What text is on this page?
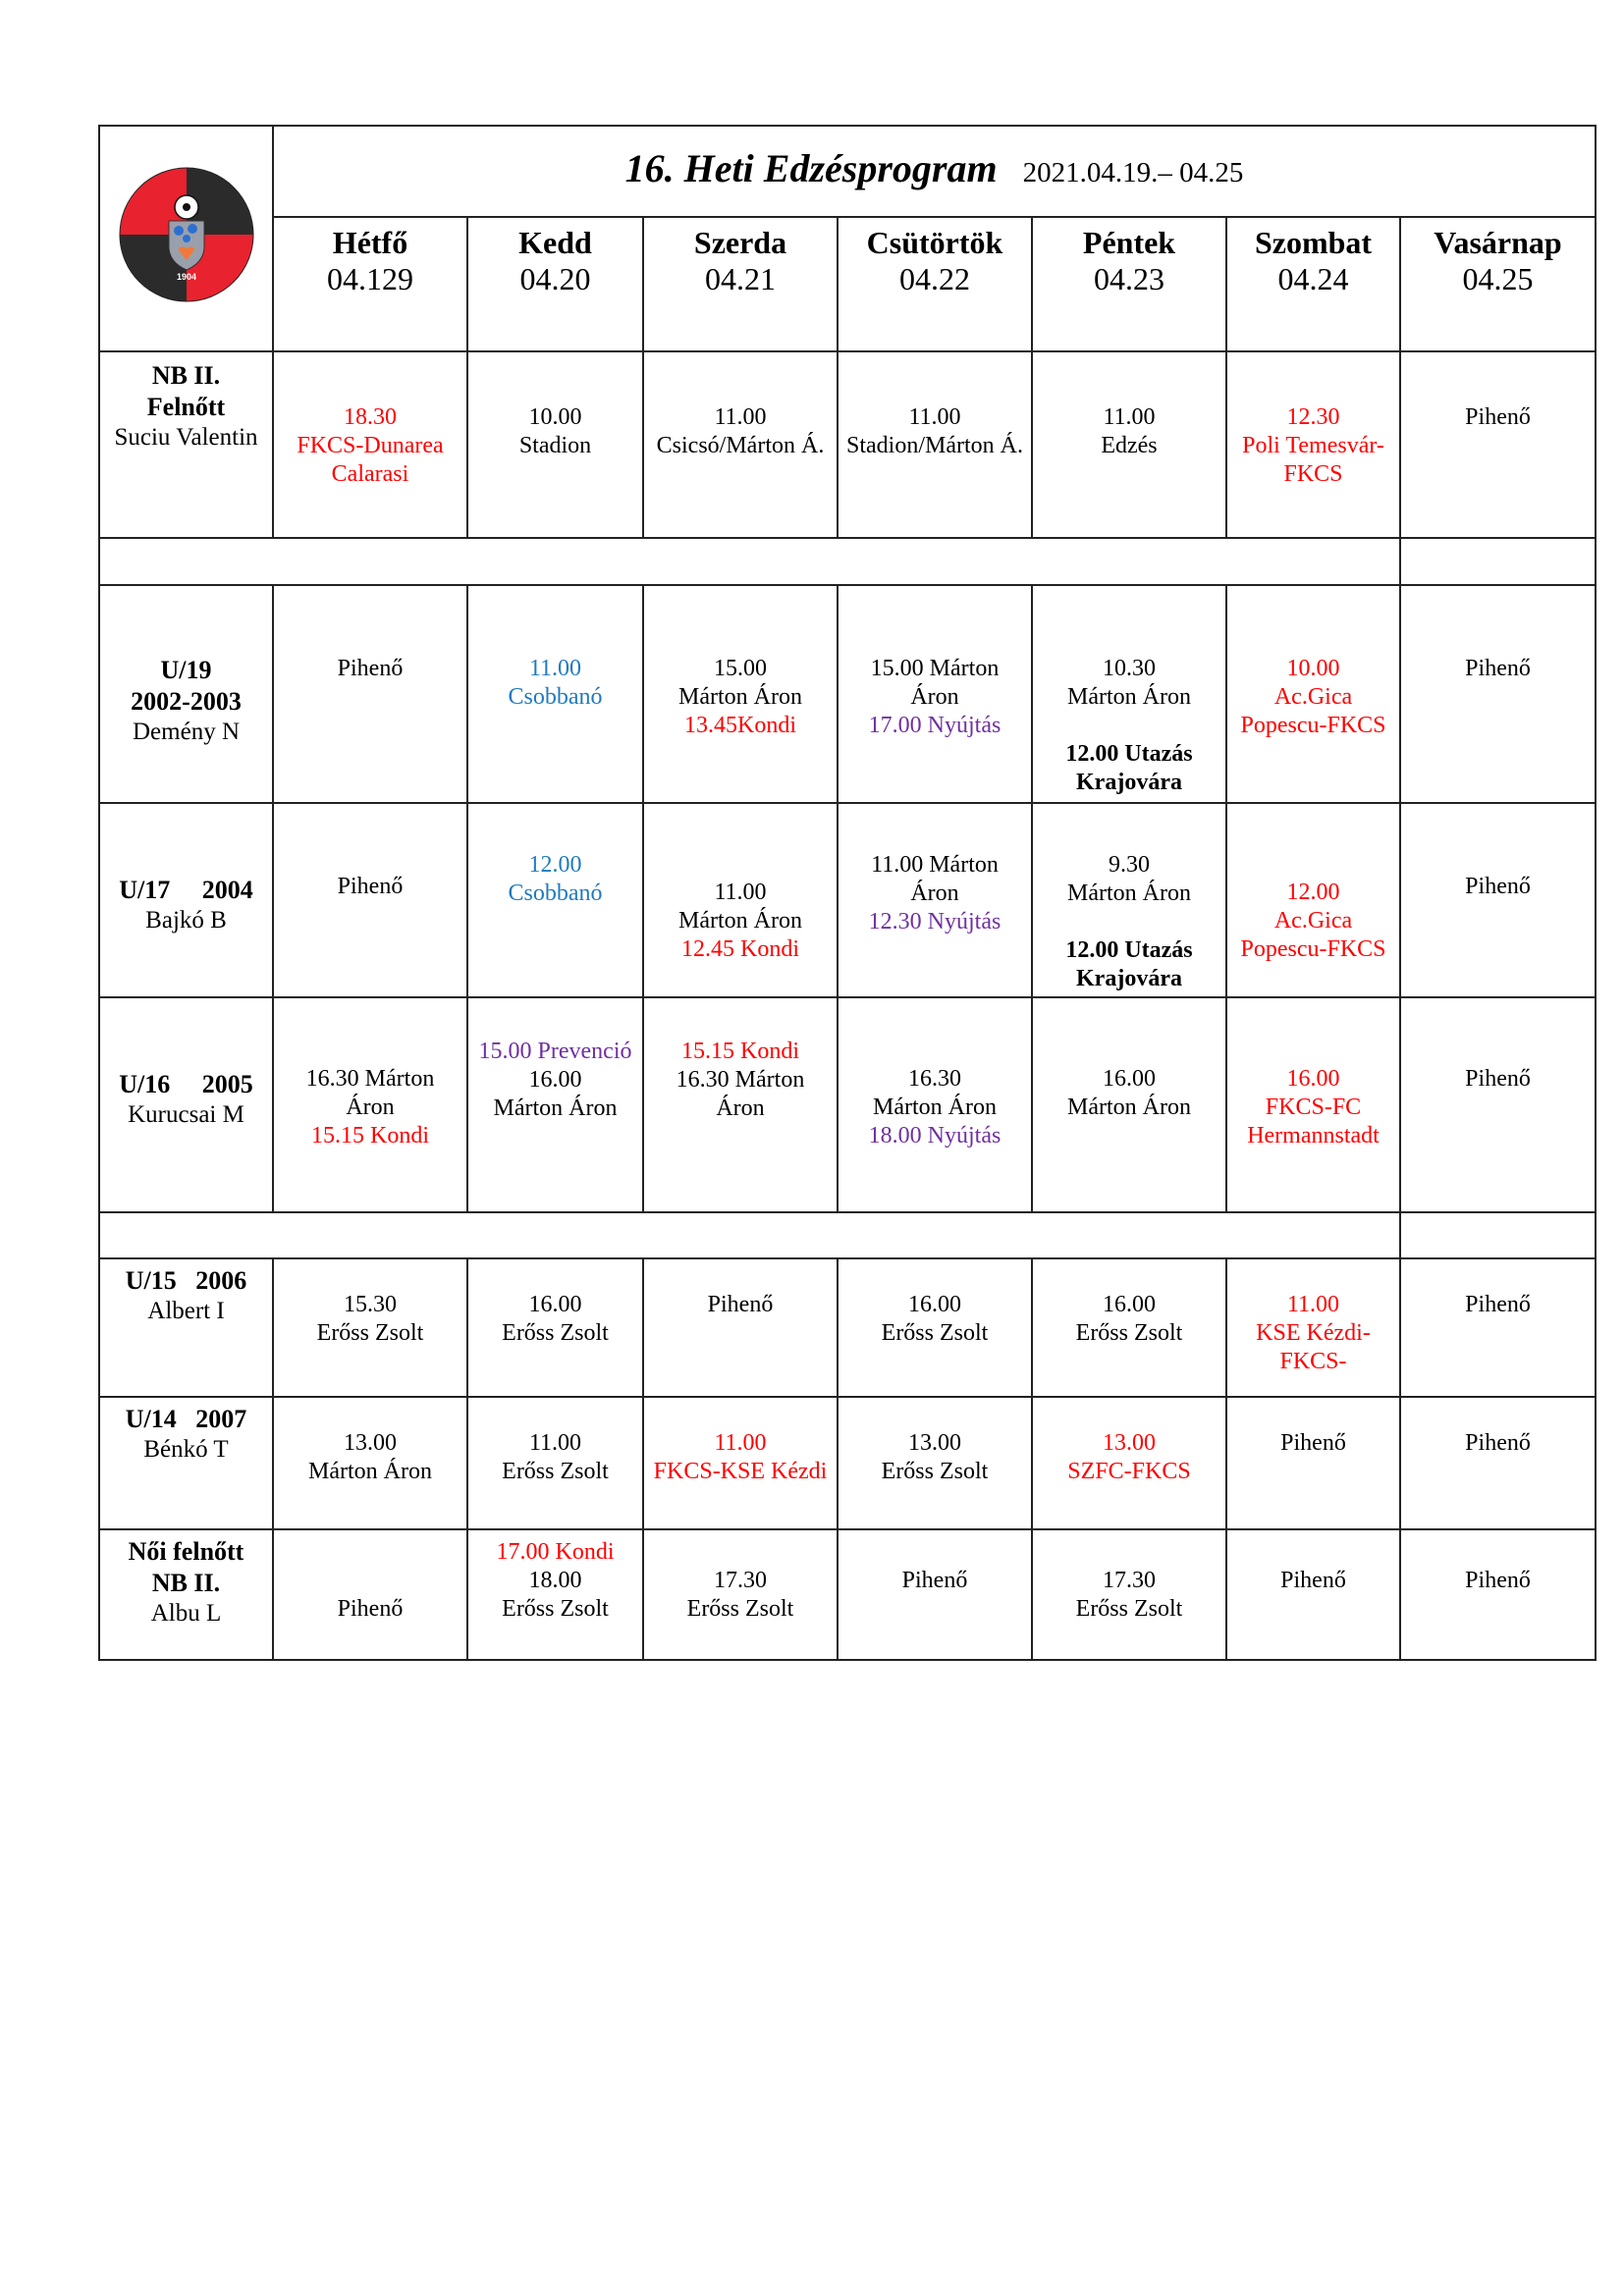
1904	16. Heti Edzésprogram 2021.04.19.– 04.25						

	Hétfő
04.129	Kedd
04.20	Szerda
04.21	Csütörtök
04.22	Péntek
04.23	Szombat
04.24	Vasárnap
04.25

NB II.
Felnőtt
Suciu Valentin	18.30
FKCS-Dunarea
Calarasi	10.00
Stadion	11.00
Csicsó/Márton Á.	11.00
Stadion/Márton Á.	11.00
Edzés	12.30
Poli Temesvár-
FKCS	Pihenő

U/19
2002-2003
Demény N	Pihenő	11.00
Csobbanó	15.00
Márton Áron
13.45Kondi	15.00 Márton
Áron
17.00 Nyújtás	10.30
Márton Áron
12.00 Utazás
Krajovára	10.00
Ac.Gica
Popescu-FKCS	Pihenő

U/17     2004
Bajkó B	Pihenő	12.00
Csobbanó	11.00
Márton Áron
12.45 Kondi	11.00 Márton
Áron
12.30 Nyújtás	9.30
Márton Áron
12.00 Utazás
Krajovára	12.00
Ac.Gica
Popescu-FKCS	Pihenő

U/16     2005
Kurucsai M	16.30 Márton
Áron
15.15 Kondi	15.00 Prevenció
16.00
Márton Áron	15.15 Kondi
16.30 Márton
Áron	16.30
Márton Áron
18.00 Nyújtás	16.00
Márton Áron	16.00
FKCS-FC
Hermannstadt	Pihenő

U/15   2006
Albert I	15.30
Erőss Zsolt	16.00
Erőss Zsolt	Pihenő	16.00
Erőss Zsolt	16.00
Erőss Zsolt	11.00
KSE Kézdi-
FKCS-	Pihenő

U/14   2007
Bénkó T	13.00
Márton Áron	11.00
Erőss Zsolt	11.00
FKCS-KSE Kézdi	13.00
Erőss Zsolt	13.00
SZFC-FKCS	Pihenő	Pihenő

Női felnőtt
NB II.
Albu L	Pihenő	17.00 Kondi
18.00
Erőss Zsolt	17.30
Erőss Zsolt	Pihenő	17.30
Erőss Zsolt	Pihenő	Pihenő
